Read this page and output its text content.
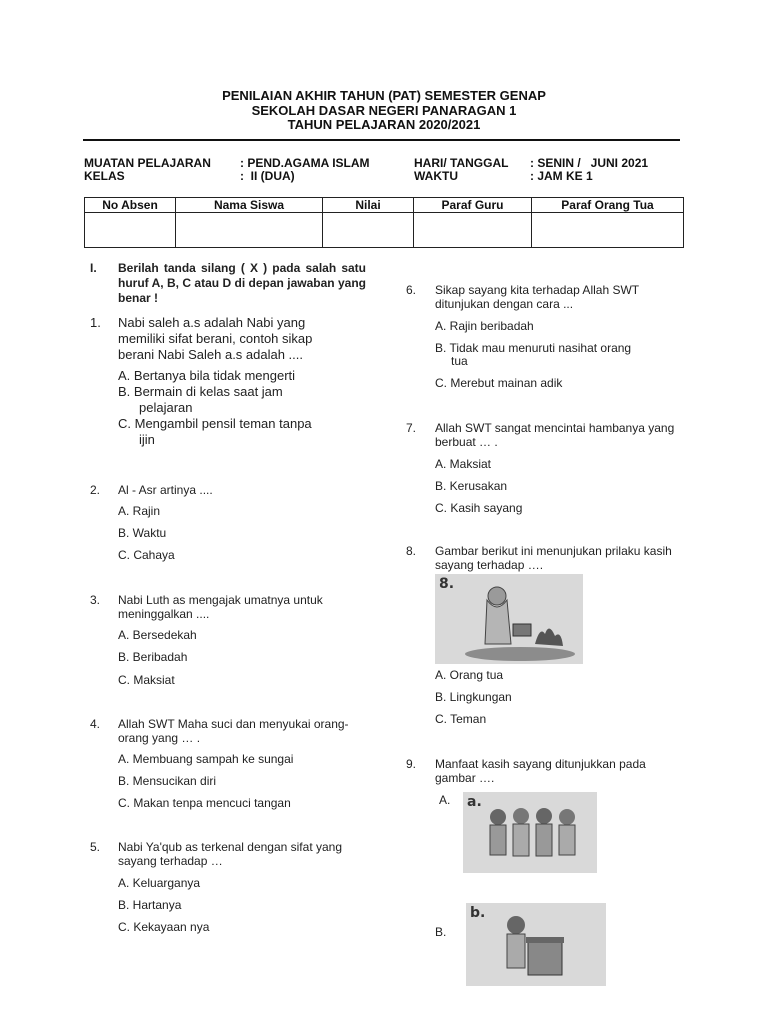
PENILAIAN AKHIR TAHUN (PAT) SEMESTER GENAP
SEKOLAH DASAR NEGERI PANARAGAN 1
TAHUN PELAJARAN 2020/2021
MUATAN PELAJARAN : PEND.AGAMA ISLAM
KELAS	:  II (DUA)
HARI/ TANGGAL : SENIN /   JUNI 2021
WAKTU	: JAM KE 1
No Absen	Nama Siswa	Nilai	Paraf Guru	Paraf Orang Tua

I. Berilah tanda silang ( X ) pada salah satu huruf A, B, C atau D di depan jawaban yang benar !
1. Nabi saleh a.s adalah Nabi yang memiliki sifat berani, contoh sikap berani Nabi Saleh a.s adalah ....
A. Bertanya bila tidak mengerti
B. Bermain di kelas saat jam
pelajaran
C. Mengambil pensil teman tanpa
ijin
2. Al - Asr artinya ....
A. Rajin
B. Waktu
C. Cahaya
3. Nabi Luth as mengajak umatnya untuk meninggalkan ....
A. Bersedekah
B. Beribadah
C. Maksiat
4. Allah SWT Maha suci dan menyukai orang-orang yang … .
A. Membuang sampah ke sungai
B. Mensucikan diri
C. Makan tenpa mencuci tangan
5. Nabi Ya'qub as terkenal dengan sifat yang sayang terhadap …
A. Keluarganya
B. Hartanya
C. Kekayaan nya
6. Sikap sayang kita terhadap Allah SWT ditunjukan dengan cara ...
A. Rajin beribadah
B. Tidak mau menuruti nasihat orang
tua
C. Merebut mainan adik
7. Allah SWT sangat mencintai hambanya yang berbuat … .
A. Maksiat
B. Kerusakan
C. Kasih sayang
8. Gambar berikut ini menunjukan prilaku kasih sayang terhadap ….
8.
A. Orang tua
B. Lingkungan
C. Teman
9. Manfaat kasih sayang ditunjukkan pada gambar ….
A. a.
B.
b.
